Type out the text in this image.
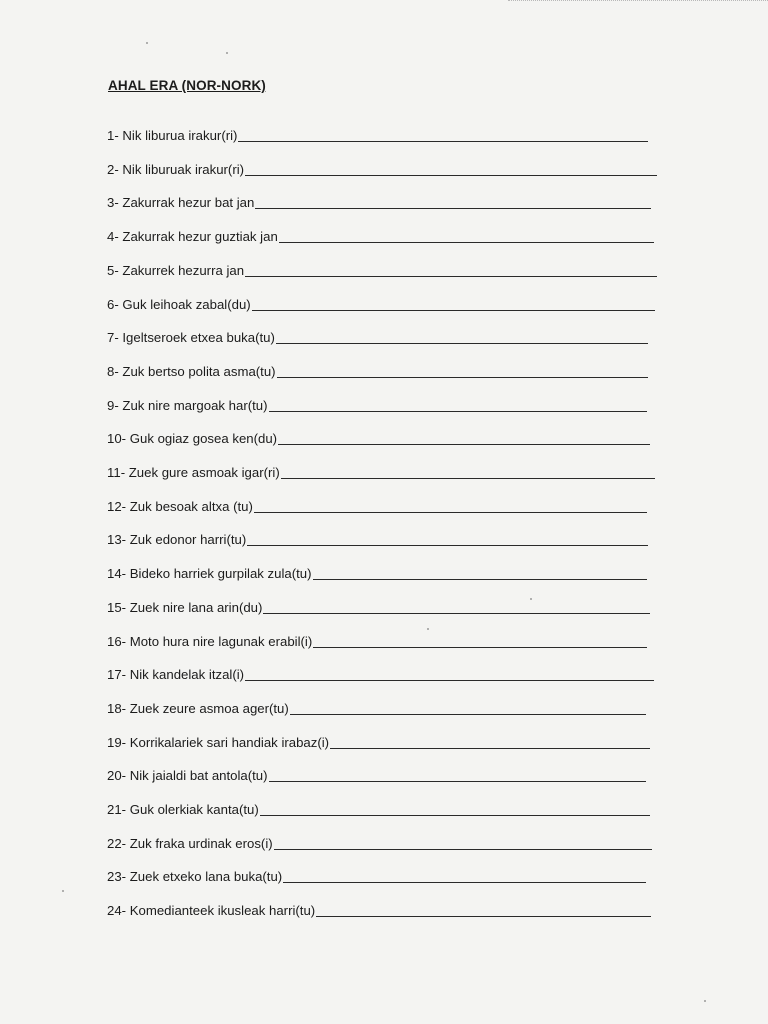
AHAL ERA (NOR-NORK)
1- Nik liburua irakur(ri)
2- Nik liburuak irakur(ri)
3- Zakurrak hezur bat jan
4- Zakurrak hezur guztiak jan
5- Zakurrek hezurra jan
6- Guk leihoak zabal(du)
7- Igeltseroek etxea buka(tu)
8- Zuk bertso polita asma(tu)
9- Zuk nire margoak har(tu)
10- Guk ogiaz gosea ken(du)
11- Zuek gure asmoak igar(ri)
12- Zuk besoak altxa (tu)
13- Zuk edonor harri(tu)
14- Bideko harriek gurpilak zula(tu)
15- Zuek nire lana arin(du)
16- Moto hura nire lagunak erabil(i)
17- Nik kandelak itzal(i)
18- Zuek zeure asmoa ager(tu)
19- Korrikalariek sari handiak irabaz(i)
20- Nik jaialdi bat antola(tu)
21- Guk olerkiak kanta(tu)
22- Zuk fraka urdinak eros(i)
23- Zuek etxeko lana buka(tu)
24- Komedianteek ikusleak harri(tu)
